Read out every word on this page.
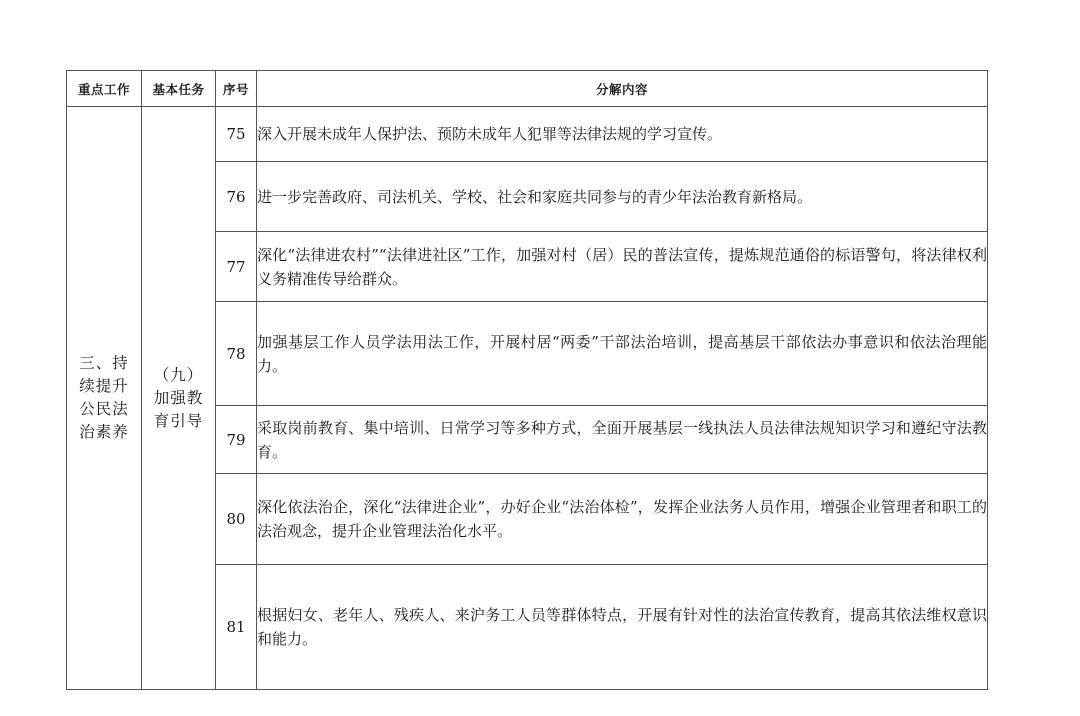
重点工作	基本任务	序号	分解内容
三、持续提升公民法治素养	（九）加强教育引导	75	深入开展未成年人保护法、预防未成年人犯罪等法律法规的学习宣传。
		76	进一步完善政府、司法机关、学校、社会和家庭共同参与的青少年法治教育新格局。
		77	深化“法律进农村”“法律进社区”工作，加强对村（居）民的普法宣传，提炼规范通俗的标语警句，将法律权利义务精准传导给群众。
		78	加强基层工作人员学法用法工作，开展村居“两委”干部法治培训，提高基层干部依法办事意识和依法治理能力。
		79	采取岗前教育、集中培训、日常学习等多种方式，全面开展基层一线执法人员法律法规知识学习和遵纪守法教育。
		80	深化依法治企，深化“法律进企业”，办好企业“法治体检”，发挥企业法务人员作用，增强企业管理者和职工的法治观念，提升企业管理法治化水平。
		81	根据妇女、老年人、残疾人、来沪务工人员等群体特点，开展有针对性的法治宣传教育，提高其依法维权意识和能力。
